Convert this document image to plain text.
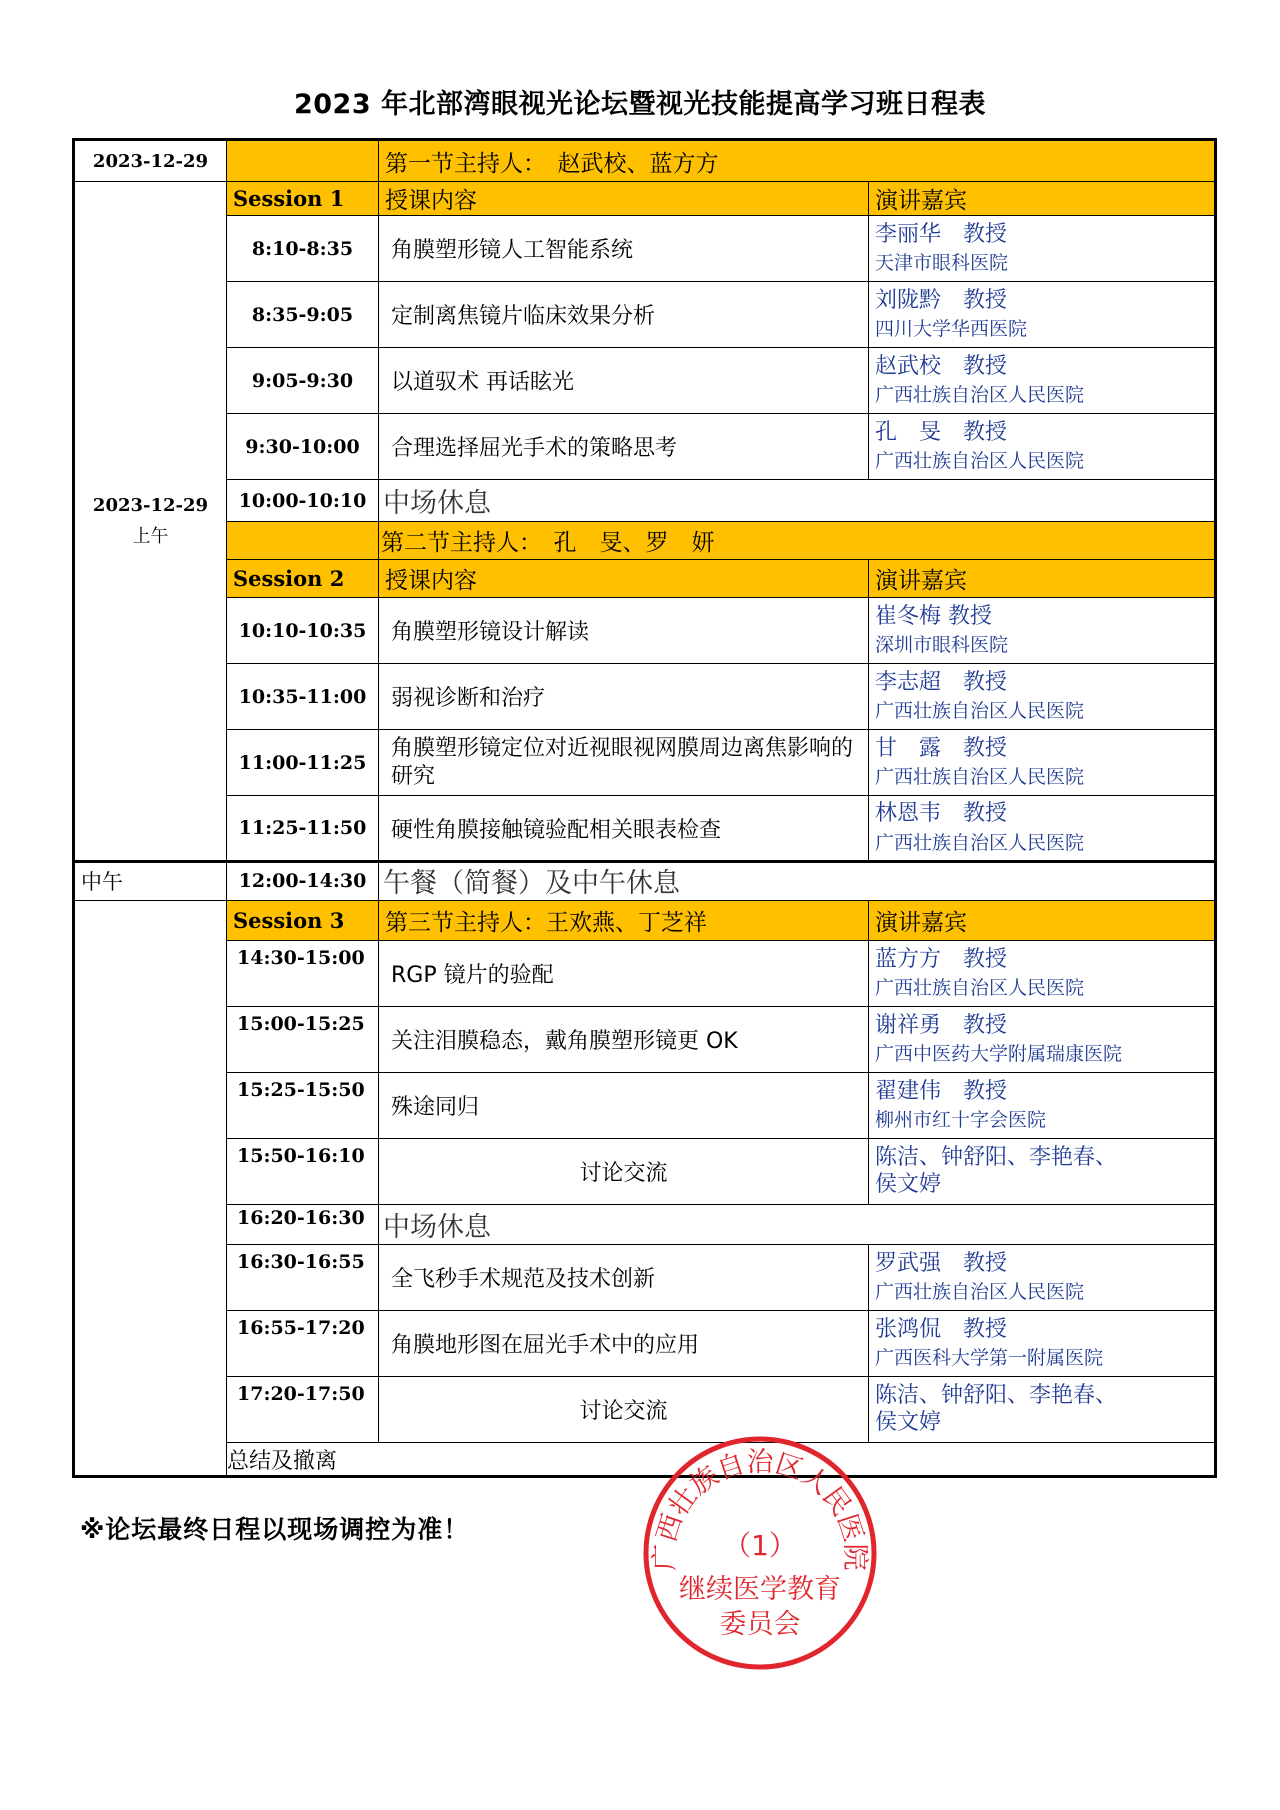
2023 年北部湾眼视光论坛暨视光技能提高学习班日程表
2023-12-29		第一节主持人：　赵武校、蓝方方	

2023-12-29
上午	Session 1	授课内容	演讲嘉宾
	8:10-8:35	角膜塑形镜人工智能系统	李丽华　教授
天津市眼科医院

	8:35-9:05	定制离焦镜片临床效果分析	刘陇黔　教授
四川大学华西医院

	9:05-9:30	以道驭术 再话眩光	赵武校　教授
广西壮族自治区人民医院

	9:30-10:00	合理选择屈光手术的策略思考	孔　旻　教授
广西壮族自治区人民医院

	10:00-10:10	中场休息	
		第二节主持人：　孔　旻、罗　妍	
	Session 2	授课内容	演讲嘉宾
	10:10-10:35	角膜塑形镜设计解读	崔冬梅 教授
深圳市眼科医院

	10:35-11:00	弱视诊断和治疗	李志超　教授
广西壮族自治区人民医院

	11:00-11:25	角膜塑形镜定位对近视眼视网膜周边离焦影响的研究	甘　露　教授
广西壮族自治区人民医院

	11:25-11:50	硬性角膜接触镜验配相关眼表检查	林恩韦　教授
广西壮族自治区人民医院
中午	12:00-14:30	午餐（简餐）及中午休息	
	Session 3	第三节主持人：王欢燕、丁芝祥	演讲嘉宾
	14:30-15:00	RGP 镜片的验配	蓝方方　教授
广西壮族自治区人民医院

	15:00-15:25	关注泪膜稳态，戴角膜塑形镜更 OK	谢祥勇　教授
广西中医药大学附属瑞康医院

	15:25-15:50	殊途同归	翟建伟　教授
柳州市红十字会医院

	15:50-16:10	讨论交流	陈洁、钟舒阳、李艳春、
侯文婷

	16:20-16:30	中场休息	
	16:30-16:55	全飞秒手术规范及技术创新	罗武强　教授
广西壮族自治区人民医院

	16:55-17:20	角膜地形图在屈光手术中的应用	张鸿侃　教授
广西医科大学第一附属医院

	17:20-17:50	讨论交流	陈洁、钟舒阳、李艳春、
侯文婷

	总结及撤离		
※论坛最终日程以现场调控为准！
广西壮族自治区人民医院
（1）
继续医学教育
委员会
